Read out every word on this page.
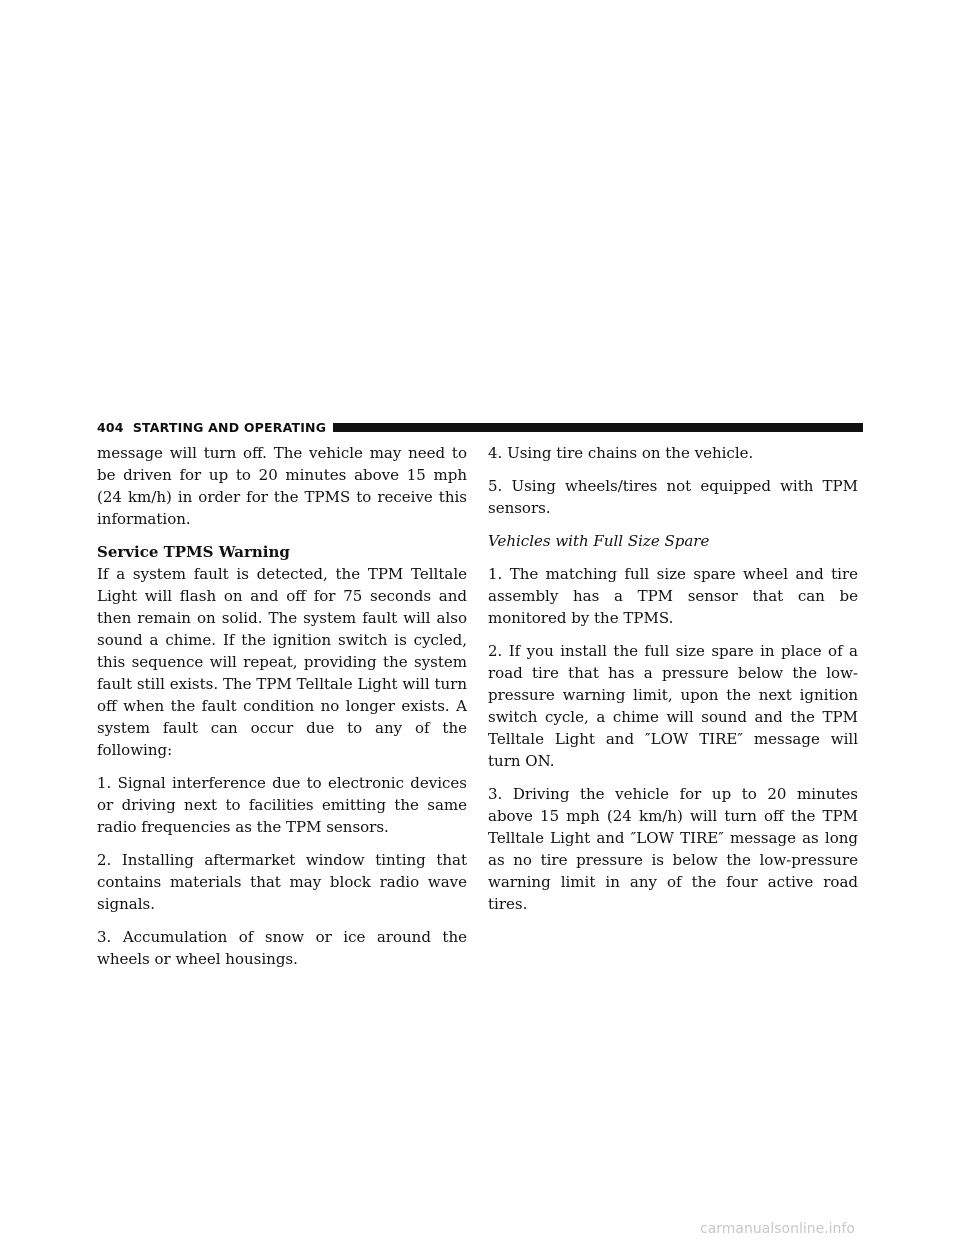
404 STARTING AND OPERATING

message will turn off. The vehicle may need to be driven for up to 20 minutes above 15 mph (24 km/h) in order for the TPMS to receive this information.

Service TPMS Warning

If a system fault is detected, the TPM Telltale Light will flash on and off for 75 seconds and then remain on solid. The system fault will also sound a chime. If the ignition switch is cycled, this sequence will repeat, providing the system fault still exists. The TPM Telltale Light will turn off when the fault condition no longer exists. A system fault can occur due to any of the following:

1. Signal interference due to electronic devices or driving next to facilities emitting the same radio frequencies as the TPM sensors.

2. Installing aftermarket window tinting that contains materials that may block radio wave signals.

3. Accumulation of snow or ice around the wheels or wheel housings.

4. Using tire chains on the vehicle.

5. Using wheels/tires not equipped with TPM sensors.

Vehicles with Full Size Spare

1. The matching full size spare wheel and tire assembly has a TPM sensor that can be monitored by the TPMS.

2. If you install the full size spare in place of a road tire that has a pressure below the low-pressure warning limit, upon the next ignition switch cycle, a chime will sound and the TPM Telltale Light and ″LOW TIRE″ message will turn ON.

3. Driving the vehicle for up to 20 minutes above 15 mph (24 km/h) will turn off the TPM Telltale Light and ″LOW TIRE″ message as long as no tire pressure is below the low-pressure warning limit in any of the four active road tires.

carmanualsonline.info
